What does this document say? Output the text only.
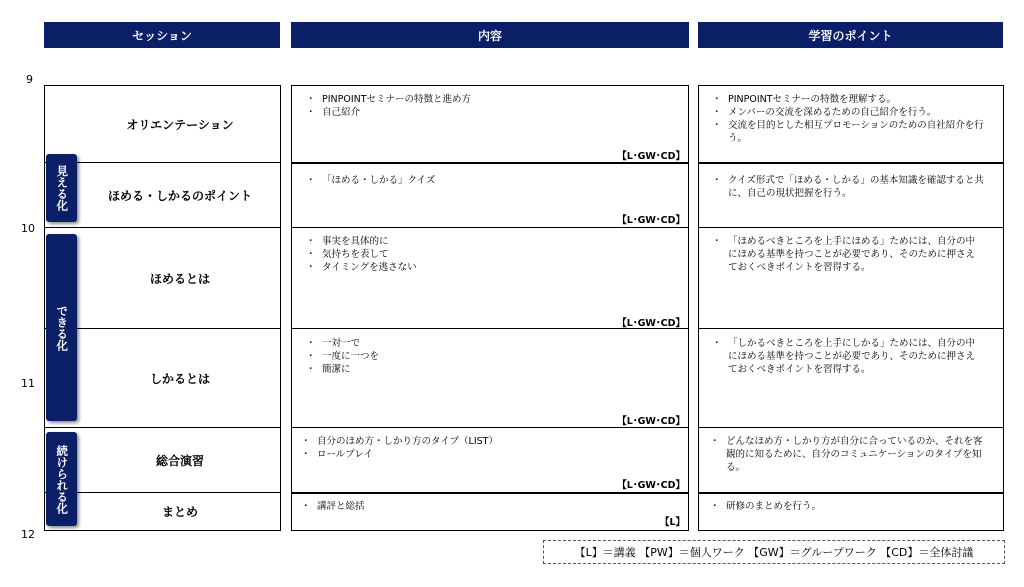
セッション	内容	学習のポイント
9
10
11
12
見える化
できる化
続けられる化
オリエンテーション
ほめる・しかるのポイント
ほめるとは
しかるとは
総合演習
まとめ
・ PINPOINTセミナーの特徴と進め方
・ 自己紹介
【L･GW･CD】
・ 「ほめる・しかる」クイズ
【L･GW･CD】
・ 事実を具体的に
・ 気持ちを表して
・ タイミングを逃さない
【L･GW･CD】
・ 一対一で
・ 一度に一つを
・ 簡潔に
【L･GW･CD】
・ 自分のほめ方・しかり方のタイプ（LIST）
・ ロールプレイ
【L･GW･CD】
・ 講評と総括
【L】
・ PINPOINTセミナーの特徴を理解する。
・ メンバーの交流を深めるための自己紹介を行う。
・ 交流を目的とした相互プロモーションのための自社紹介を行う。
・ クイズ形式で「ほめる・しかる」の基本知識を確認すると共に、自己の現状把握を行う。
・ 「ほめるべきところを上手にほめる」ためには、自分の中にほめる基準を持つことが必要であり、そのために押さえておくべきポイントを習得する。
・ 「しかるべきところを上手にしかる」ためには、自分の中にほめる基準を持つことが必要であり、そのために押さえておくべきポイントを習得する。
・ どんなほめ方・しかり方が自分に合っているのか、それを客観的に知るために、自分のコミュニケーションのタイプを知る。
・ 研修のまとめを行う。
【L】＝講義 【PW】＝個人ワーク 【GW】＝グループワーク 【CD】＝全体討議
